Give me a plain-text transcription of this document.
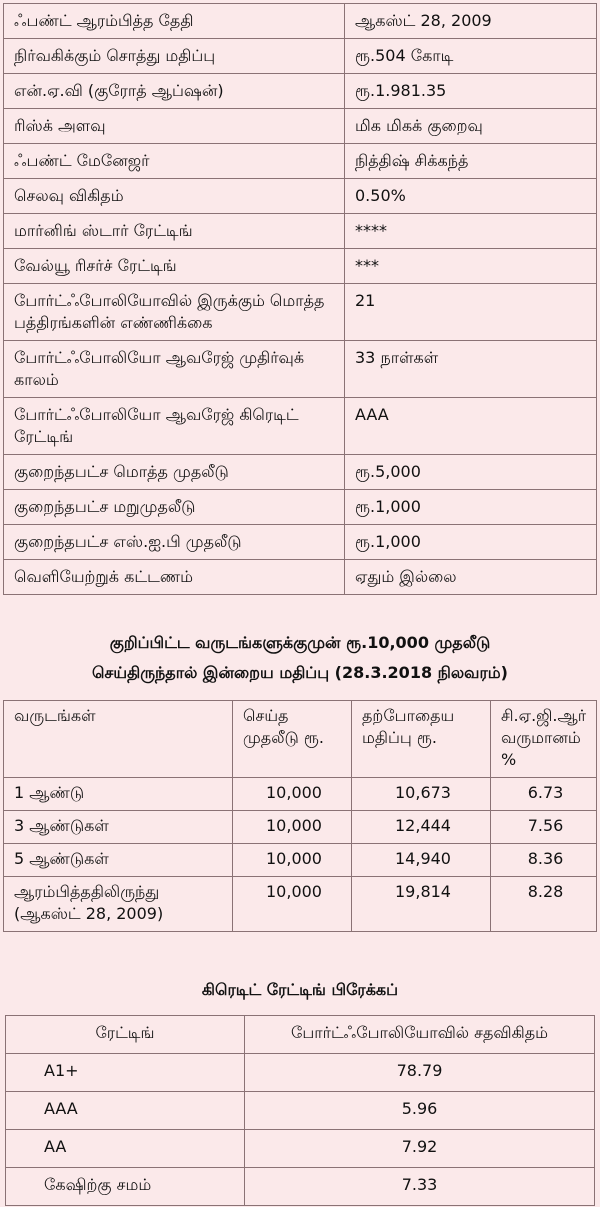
ஃபண்ட் ஆரம்பித்த தேதி	ஆகஸ்ட் 28, 2009
நிர்வகிக்கும் சொத்து மதிப்பு	ரூ.504 கோடி
என்.ஏ.வி (குரோத் ஆப்ஷன்)	ரூ.1.981.35
ரிஸ்க் அளவு	மிக மிகக் குறைவு
ஃபண்ட் மேனேஜர்	நித்திஷ் சிக்கந்த்
செலவு விகிதம்	0.50%
மார்னிங் ஸ்டார் ரேட்டிங்	****
வேல்யூ ரிசர்ச் ரேட்டிங்	***
போர்ட்ஃபோலியோவில் இருக்கும் மொத்த பத்திரங்களின் எண்ணிக்கை	21
போர்ட்ஃபோலியோ ஆவரேஜ் முதிர்வுக் காலம்	33 நாள்கள்
போர்ட்ஃபோலியோ ஆவரேஜ் கிரெடிட் ரேட்டிங்	AAA
குறைந்தபட்ச மொத்த முதலீடு	ரூ.5,000
குறைந்தபட்ச மறுமுதலீடு	ரூ.1,000
குறைந்தபட்ச எஸ்.ஐ.பி முதலீடு	ரூ.1,000
வெளியேற்றுக் கட்டணம்	ஏதும் இல்லை
குறிப்பிட்ட வருடங்களுக்குமுன் ரூ.10,000 முதலீடு
செய்திருந்தால் இன்றைய மதிப்பு (28.3.2018 நிலவரம்)
வருடங்கள்	செய்த முதலீடு ரூ.	தற்போதைய மதிப்பு ரூ.	சி.ஏ.ஜி.ஆர் வருமானம் %
1 ஆண்டு	10,000	10,673	6.73
3 ஆண்டுகள்	10,000	12,444	7.56
5 ஆண்டுகள்	10,000	14,940	8.36
ஆரம்பித்ததிலிருந்து (ஆகஸ்ட் 28, 2009)	10,000	19,814	8.28
கிரெடிட் ரேட்டிங் பிரேக்கப்
ரேட்டிங்	போர்ட்ஃபோலியோவில் சதவிகிதம்
A1+	78.79
AAA	5.96
AA	7.92
கேஷிற்கு சமம்	7.33
